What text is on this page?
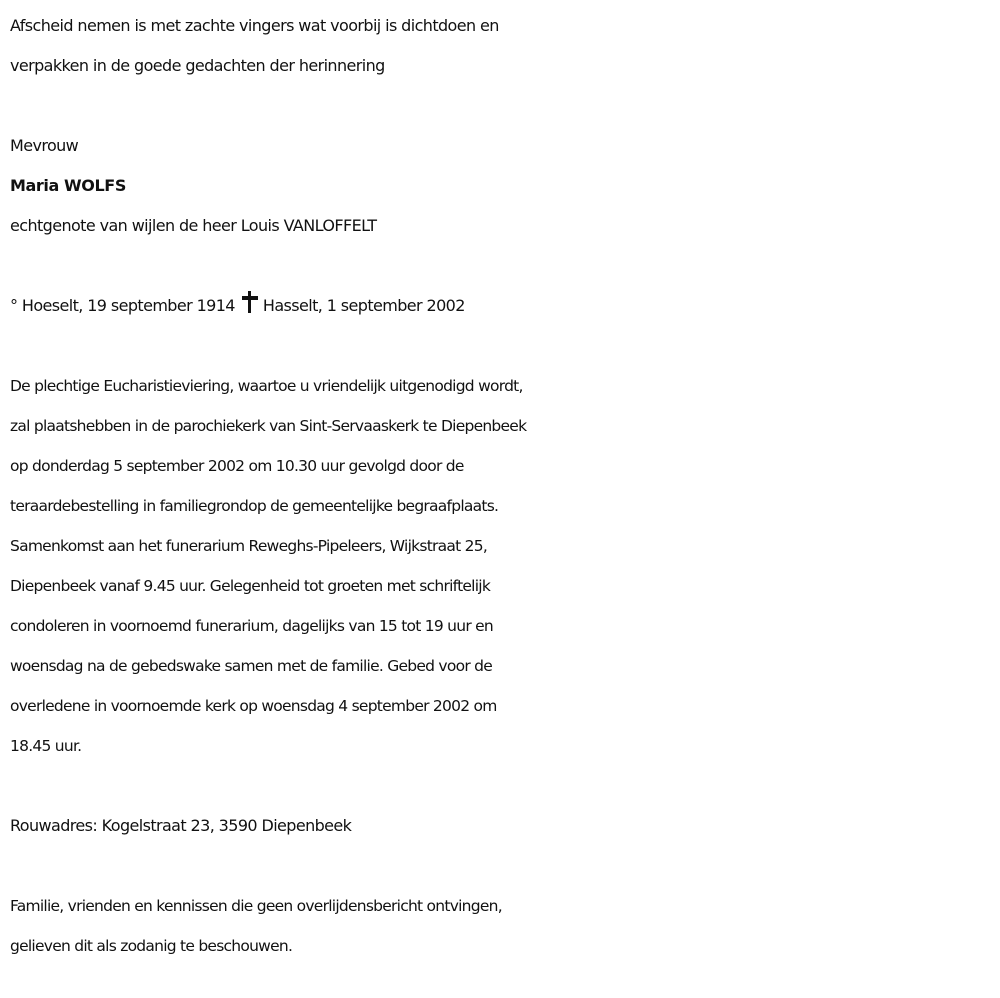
Afscheid nemen is met zachte vingers wat voorbij is dichtdoen en
verpakken in de goede gedachten der herinnering
Mevrouw
Maria WOLFS
echtgenote van wijlen de heer Louis VANLOFFELT
° Hoeselt, 19 september 1914 Hasselt, 1 september 2002
De plechtige Eucharistieviering, waartoe u vriendelijk uitgenodigd wordt,
zal plaatshebben in de parochiekerk van Sint-Servaaskerk te Diepenbeek
op donderdag 5 september 2002 om 10.30 uur gevolgd door de
teraardebestelling in familiegrondop de gemeentelijke begraafplaats.
Samenkomst aan het funerarium Reweghs-Pipeleers, Wijkstraat 25,
Diepenbeek vanaf 9.45 uur. Gelegenheid tot groeten met schriftelijk
condoleren in voornoemd funerarium, dagelijks van 15 tot 19 uur en
woensdag na de gebedswake samen met de familie. Gebed voor de
overledene in voornoemde kerk op woensdag 4 september 2002 om
18.45 uur.
Rouwadres: Kogelstraat 23, 3590 Diepenbeek
Familie, vrienden en kennissen die geen overlijdensbericht ontvingen,
gelieven dit als zodanig te beschouwen.
